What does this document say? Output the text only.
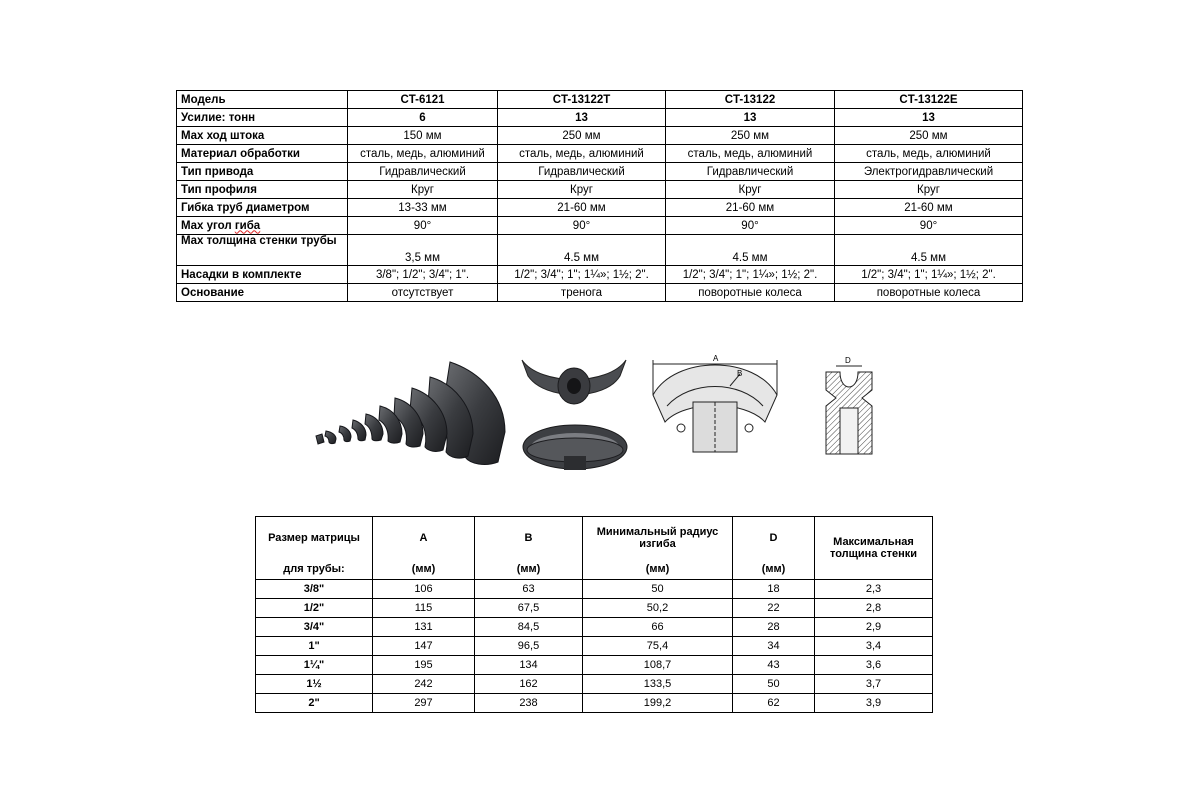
Модель	CT-6121	CT-13122T	CT-13122	CT-13122E
Усилие: тонн	6	13	13	13
Max ход штока	150 мм	250 мм	250 мм	250 мм
Материал обработки	сталь, медь, алюминий	сталь, медь, алюминий	сталь, медь, алюминий	сталь, медь, алюминий
Тип привода	Гидравлический	Гидравлический	Гидравлический	Электрогидравлический
Тип профиля	Круг	Круг	Круг	Круг
Гибка труб диаметром	13-33 мм	21-60 мм	21-60 мм	21-60 мм
Max угол гиба	90°	90°	90°	90°
Max толщина стенки трубы	3,5 мм	4.5 мм	4.5 мм	4.5 мм
Насадки в комплекте	3/8"; 1/2"; 3/4"; 1".	1/2"; 3/4"; 1"; 1¼»; 1½; 2".	1/2"; 3/4"; 1"; 1¼»; 1½; 2".	1/2"; 3/4"; 1"; 1¼»; 1½; 2".
Основание	отсутствует	тренога	поворотные колеса	поворотные колеса
A
B
D
Размер матрицы	A	B	Минимальный радиус изгиба	D	Максимальная толщина стенки
для трубы:	(мм)	(мм)	(мм)	(мм)	
3/8"	106	63	50	18	2,3
1/2"	115	67,5	50,2	22	2,8
3/4"	131	84,5	66	28	2,9
1"	147	96,5	75,4	34	3,4
1¼"	195	134	108,7	43	3,6
1½	242	162	133,5	50	3,7
2"	297	238	199,2	62	3,9
